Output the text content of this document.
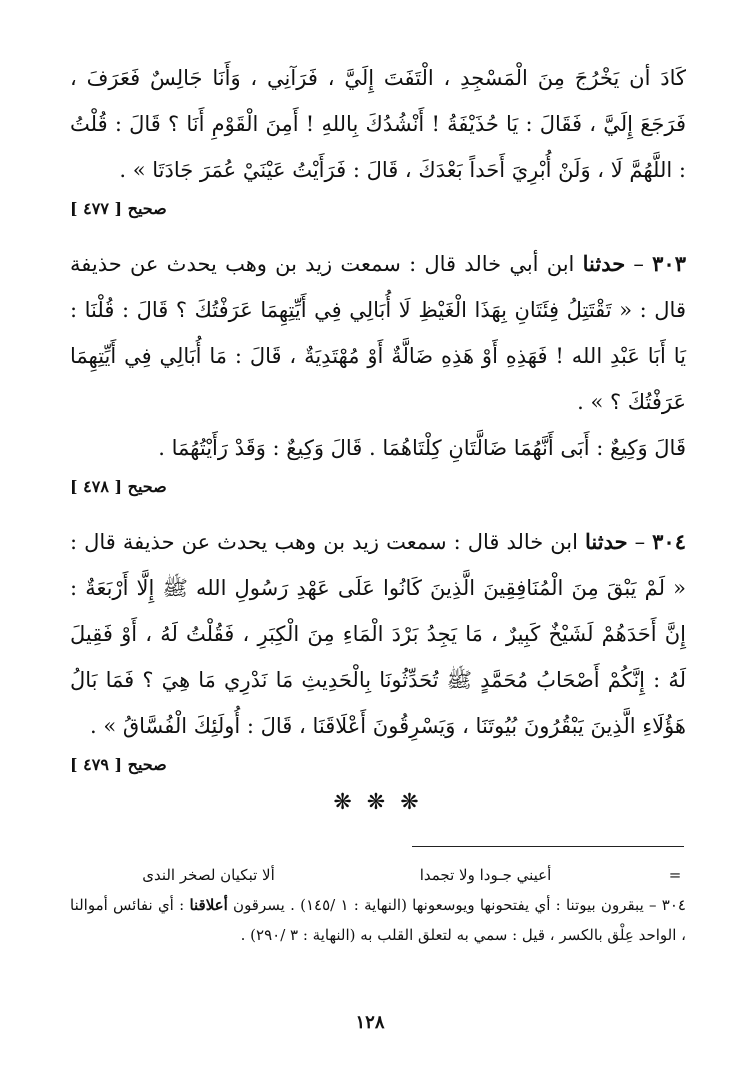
كَادَ أن يَخْرُجَ مِنَ الْمَسْجِدِ ، الْتَفَتَ إِلَيَّ ، فَرَآنِي ، وَأَنَا جَالِسٌ فَعَرَفَ ، فَرَجَعَ إِلَيَّ ، فَقَالَ : يَا حُذَيْفَةُ ! أَنْشُدُكَ بِاللهِ ! أَمِنَ الْقَوْمِ أَنَا ؟ قَالَ : قُلْتُ : اللَّهُمَّ لَا ، وَلَنْ أُبْرِيَ أَحَداً بَعْدَكَ ، قَالَ : فَرَأَيْتُ عَيْنَيْ عُمَرَ جَادَتَا » .

صحيح [ ٤٧٧ ]

٣٠٣ – حدثنا ابن أبي خالد قال : سمعت زيد بن وهب يحدث عن حذيفة قال : « تَقْتَتِلُ فِئَتَانِ بِهَذَا الْغَيْظِ لَا أُبَالِي فِي أَيِّتِهِمَا عَرَفْتُكَ ؟ قَالَ : قُلْنَا : يَا أَبَا عَبْدِ الله ! فَهَذِهِ أَوْ هَذِهِ ضَالَّةٌ أَوْ مُهْتَدِيَةٌ ، قَالَ : مَا أُبَالِي فِي أَيِّتِهِمَا عَرَفْتُكَ ؟ » .

قَالَ وَكِيعٌ : أَبَى أَنَّهُمَا ضَالَّتَانِ كِلْتَاهُمَا . قَالَ وَكِيعٌ : وَقَدْ رَأَيْتُهُمَا .

صحيح [ ٤٧٨ ]

٣٠٤ – حدثنا ابن خالد قال : سمعت زيد بن وهب يحدث عن حذيفة قال : « لَمْ يَبْقَ مِنَ الْمُنَافِقِينَ الَّذِينَ كَانُوا عَلَى عَهْدِ رَسُولِ الله ﷺ إِلَّا أَرْبَعَةٌ : إِنَّ أَحَدَهُمْ لَشَيْخٌ كَبِيرٌ ، مَا يَجِدُ بَرْدَ الْمَاءِ مِنَ الْكِبَرِ ، فَقُلْتُ لَهُ ، أَوْ فَقِيلَ لَهُ : إِنَّكُمْ أَصْحَابُ مُحَمَّدٍ ﷺ تُحَدِّثُونَا بِالْحَدِيثِ مَا نَدْرِي مَا هِيَ ؟ فَمَا بَالُ هَؤُلَاءِ الَّذِينَ يَبْقُرُونَ بُيُوتَنَا ، وَيَسْرِقُونَ أَعْلَاقَنَا ، قَالَ : أُولَئِكَ الْفُسَّاقُ » .

صحيح [ ٤٧٩ ]
❋ ❋ ❋
=
أعيني جـودا ولا تجمدا
ألا تبكيان لصخر الندى
٣٠٤ – يبقرون بيوتنا : أي يفتحونها ويوسعونها (النهاية : ١ /١٤٥) . يسرقون أعلاقنا : أي نفائس أموالنا ، الواحد عِلْق بالكسر ، قيل : سمي به لتعلق القلب به (النهاية : ٣ /٢٩٠) .
١٢٨
